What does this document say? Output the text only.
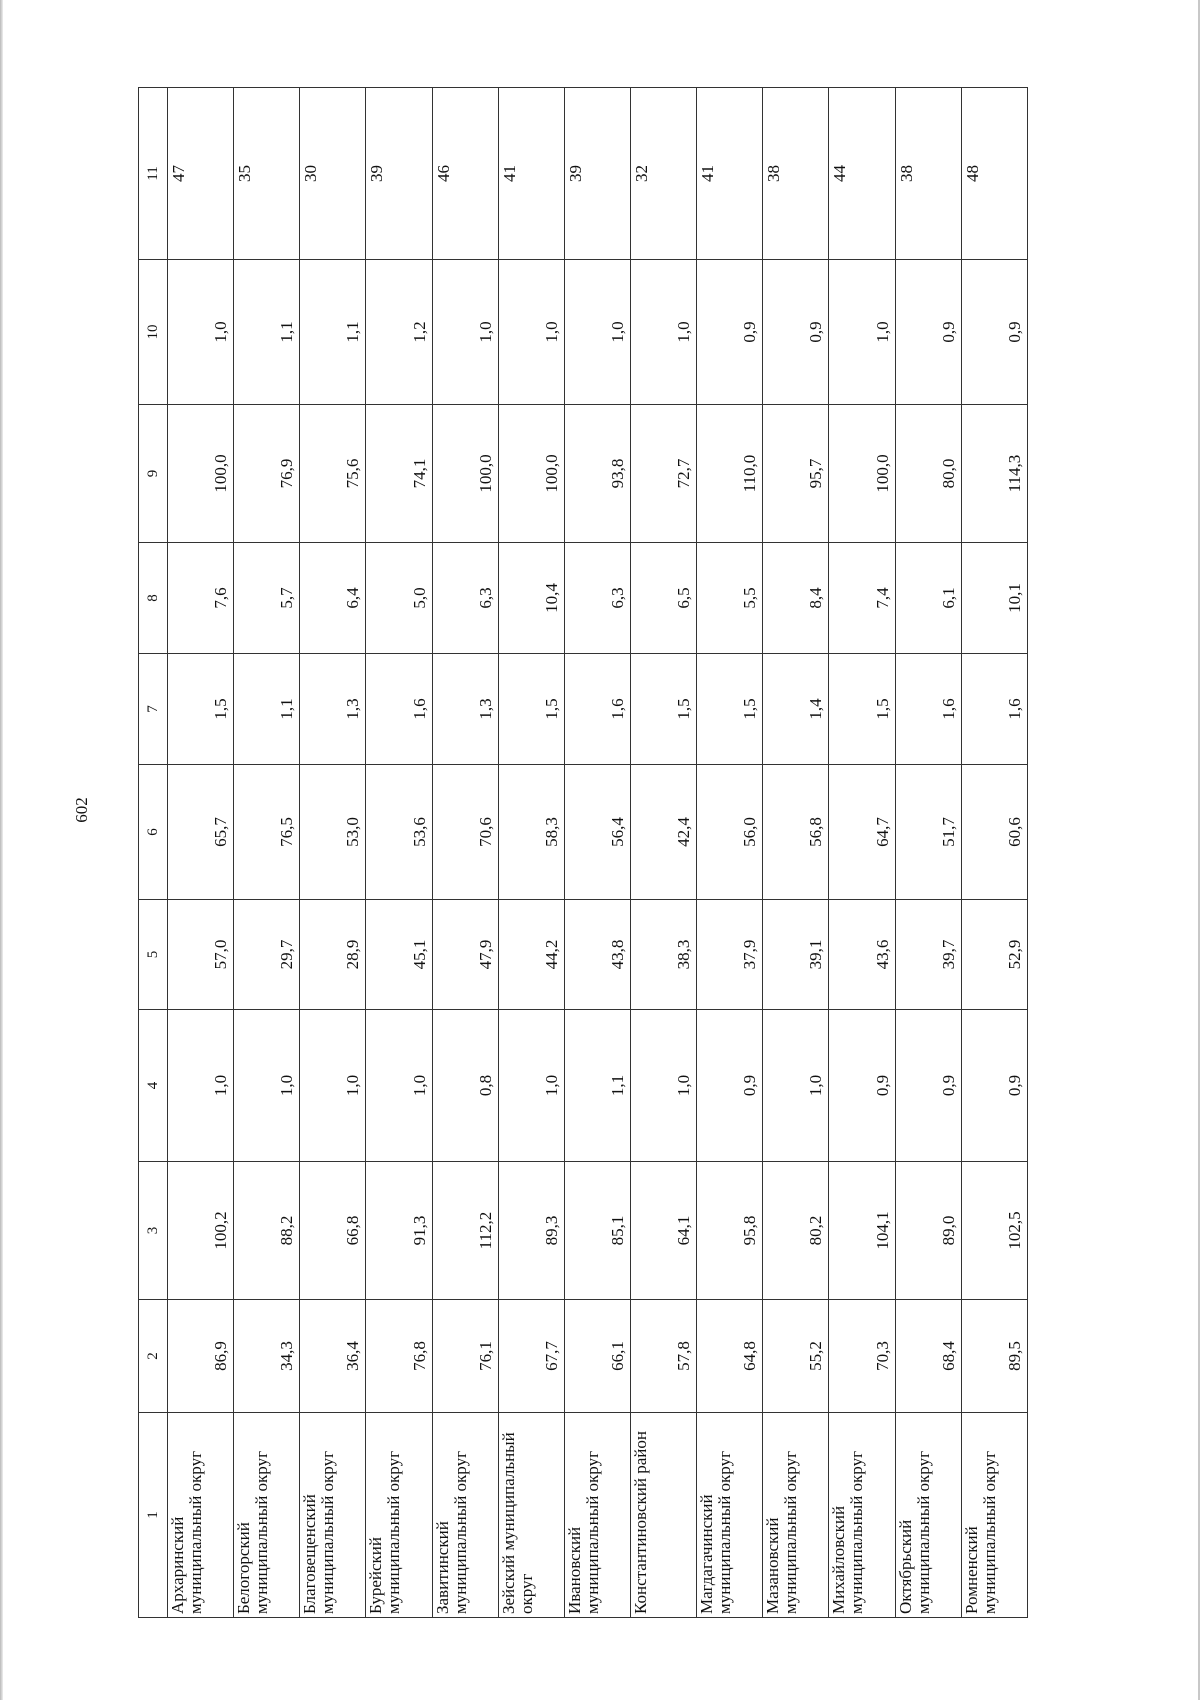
602
1	2	3	4	5	6	7	8	9	10	11
Архаринский муниципальный округ	86,9	100,2	1,0	57,0	65,7	1,5	7,6	100,0	1,0	47
Белогорский муниципальный округ	34,3	88,2	1,0	29,7	76,5	1,1	5,7	76,9	1,1	35
Благовещенский муниципальный округ	36,4	66,8	1,0	28,9	53,0	1,3	6,4	75,6	1,1	30
Бурейский муниципальный округ	76,8	91,3	1,0	45,1	53,6	1,6	5,0	74,1	1,2	39
Завитинский муниципальный округ	76,1	112,2	0,8	47,9	70,6	1,3	6,3	100,0	1,0	46
Зейский муниципальный округ	67,7	89,3	1,0	44,2	58,3	1,5	10,4	100,0	1,0	41
Ивановский муниципальный округ	66,1	85,1	1,1	43,8	56,4	1,6	6,3	93,8	1,0	39
Константиновский район	57,8	64,1	1,0	38,3	42,4	1,5	6,5	72,7	1,0	32
Магдагачинский муниципальный округ	64,8	95,8	0,9	37,9	56,0	1,5	5,5	110,0	0,9	41
Мазановский муниципальный округ	55,2	80,2	1,0	39,1	56,8	1,4	8,4	95,7	0,9	38
Михайловский муниципальный округ	70,3	104,1	0,9	43,6	64,7	1,5	7,4	100,0	1,0	44
Октябрьский муниципальный округ	68,4	89,0	0,9	39,7	51,7	1,6	6,1	80,0	0,9	38
Ромненский муниципальный округ	89,5	102,5	0,9	52,9	60,6	1,6	10,1	114,3	0,9	48
